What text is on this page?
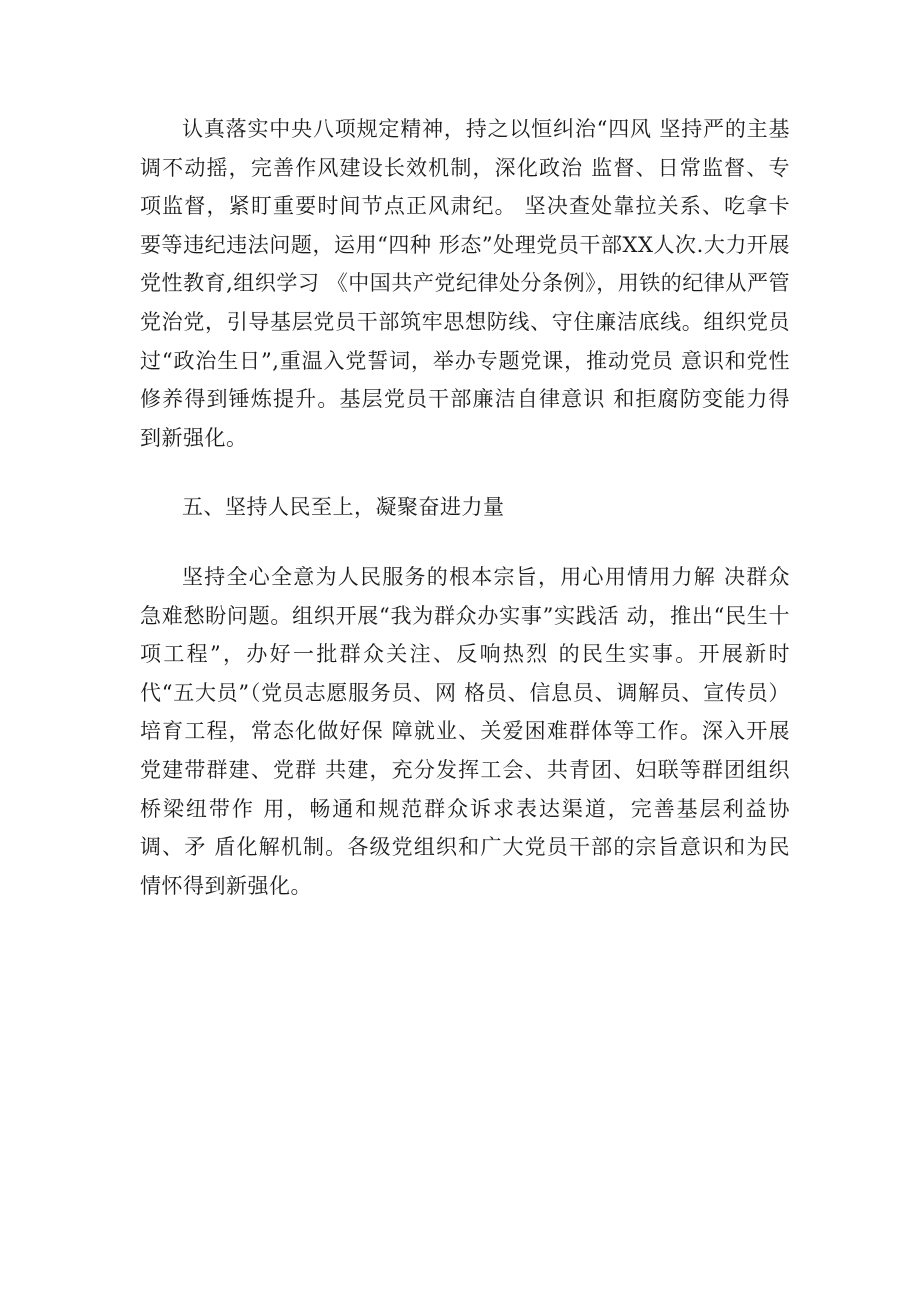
认真落实中央八项规定精神，持之以恒纠治“四风 坚持严的主基调不动摇，完善作风建设长效机制，深化政治 监督、日常监督、专项监督，紧盯重要时间节点正风肃纪。 坚决查处靠拉关系、吃拿卡要等违纪违法问题，运用“四种 形态”处理党员干部XX人次.大力开展党性教育,组织学习 《中国共产党纪律处分条例》，用铁的纪律从严管党治党，引导基层党员干部筑牢思想防线、守住廉洁底线。组织党员 过“政治生日”,重温入党誓词，举办专题党课，推动党员 意识和党性修养得到锤炼提升。基层党员干部廉洁自律意识 和拒腐防变能力得到新强化。

五、坚持人民至上，凝聚奋进力量

坚持全心全意为人民服务的根本宗旨，用心用情用力解 决群众急难愁盼问题。组织开展“我为群众办实事”实践活 动，推出“民生十项工程”，办好一批群众关注、反响热烈 的民生实事。开展新时代“五大员”（党员志愿服务员、网 格员、信息员、调解员、宣传员）培育工程，常态化做好保 障就业、关爱困难群体等工作。深入开展党建带群建、党群 共建，充分发挥工会、共青团、妇联等群团组织桥梁纽带作 用，畅通和规范群众诉求表达渠道，完善基层利益协调、矛 盾化解机制。各级党组织和广大党员干部的宗旨意识和为民 情怀得到新强化。
